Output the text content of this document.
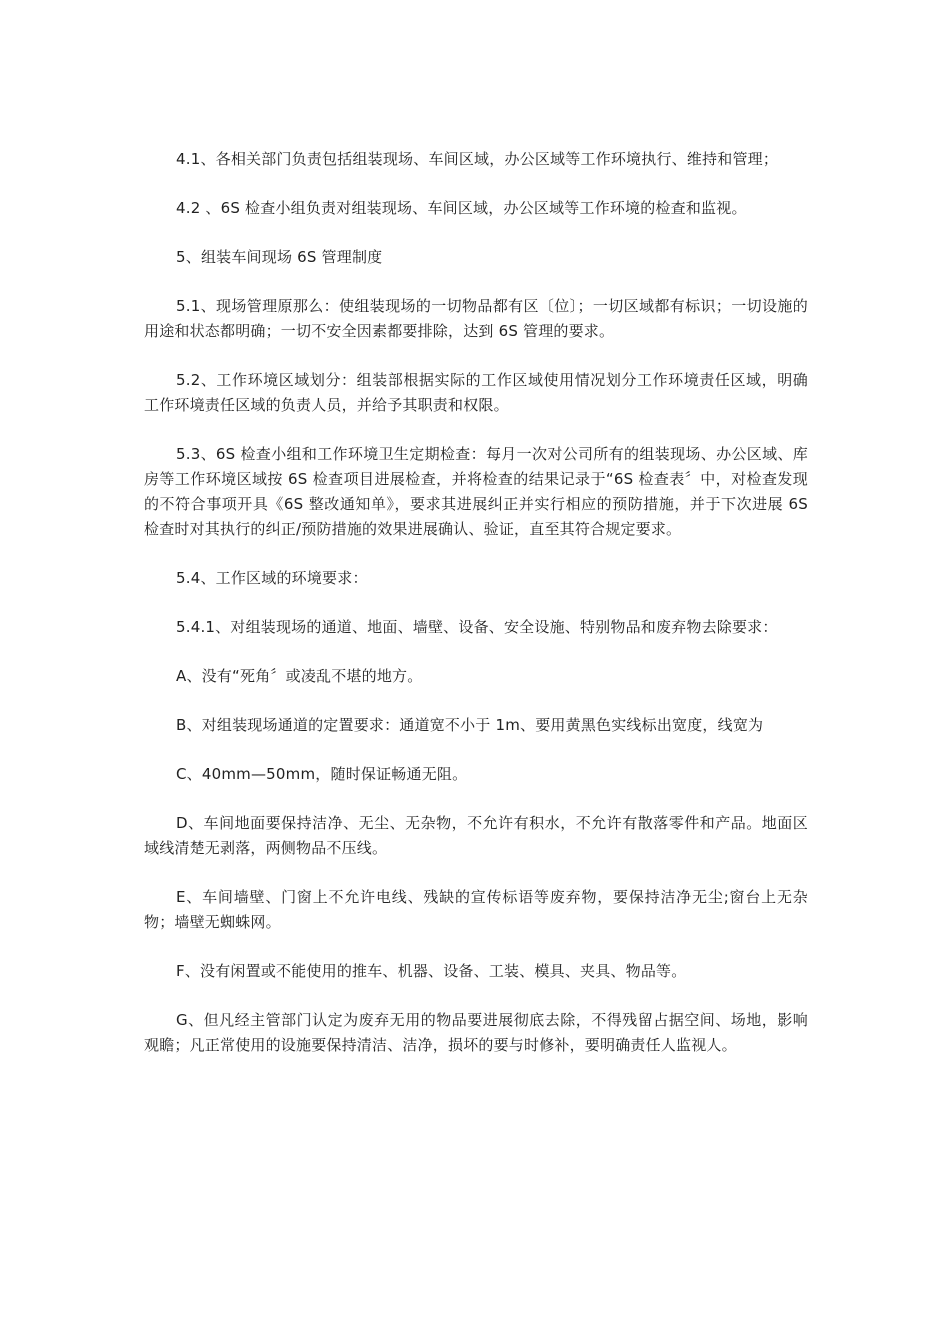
4.1、各相关部门负责包括组装现场、车间区域，办公区域等工作环境执行、维持和管理；

4.2 、6S 检查小组负责对组装现场、车间区域，办公区域等工作环境的检查和监视。

5、组装车间现场 6S 管理制度

5.1、现场管理原那么：使组装现场的一切物品都有区〔位〕；一切区域都有标识；一切设施的用途和状态都明确；一切不安全因素都要排除，达到 6S 管理的要求。

5.2、工作环境区域划分：组装部根据实际的工作区域使用情况划分工作环境责任区域，明确工作环境责任区域的负责人员，并给予其职责和权限。

5.3、6S 检查小组和工作环境卫生定期检查：每月一次对公司所有的组装现场、办公区域、库房等工作环境区域按 6S 检查项目进展检查，并将检查的结果记录于“6S 检查表〞中，对检查发现的不符合事项开具《6S 整改通知单》，要求其进展纠正并实行相应的预防措施，并于下次进展 6S 检查时对其执行的纠正/预防措施的效果进展确认、验证，直至其符合规定要求。

5.4、工作区域的环境要求：

5.4.1、对组装现场的通道、地面、墙壁、设备、安全设施、特别物品和废弃物去除要求：

A、没有“死角〞或凌乱不堪的地方。

B、对组装现场通道的定置要求：通道宽不小于 1m、要用黄黑色实线标出宽度，线宽为

C、40mm—50mm，随时保证畅通无阻。

D、车间地面要保持洁净、无尘、无杂物，不允许有积水，不允许有散落零件和产品。地面区域线清楚无剥落，两侧物品不压线。

E、车间墙壁、门窗上不允许电线、残缺的宣传标语等废弃物，要保持洁净无尘;窗台上无杂物；墙壁无蜘蛛网。

F、没有闲置或不能使用的推车、机器、设备、工装、模具、夹具、物品等。

G、但凡经主管部门认定为废弃无用的物品要进展彻底去除，不得残留占据空间、场地，影响观瞻；凡正常使用的设施要保持清洁、洁净，损坏的要与时修补，要明确责任人监视人。
